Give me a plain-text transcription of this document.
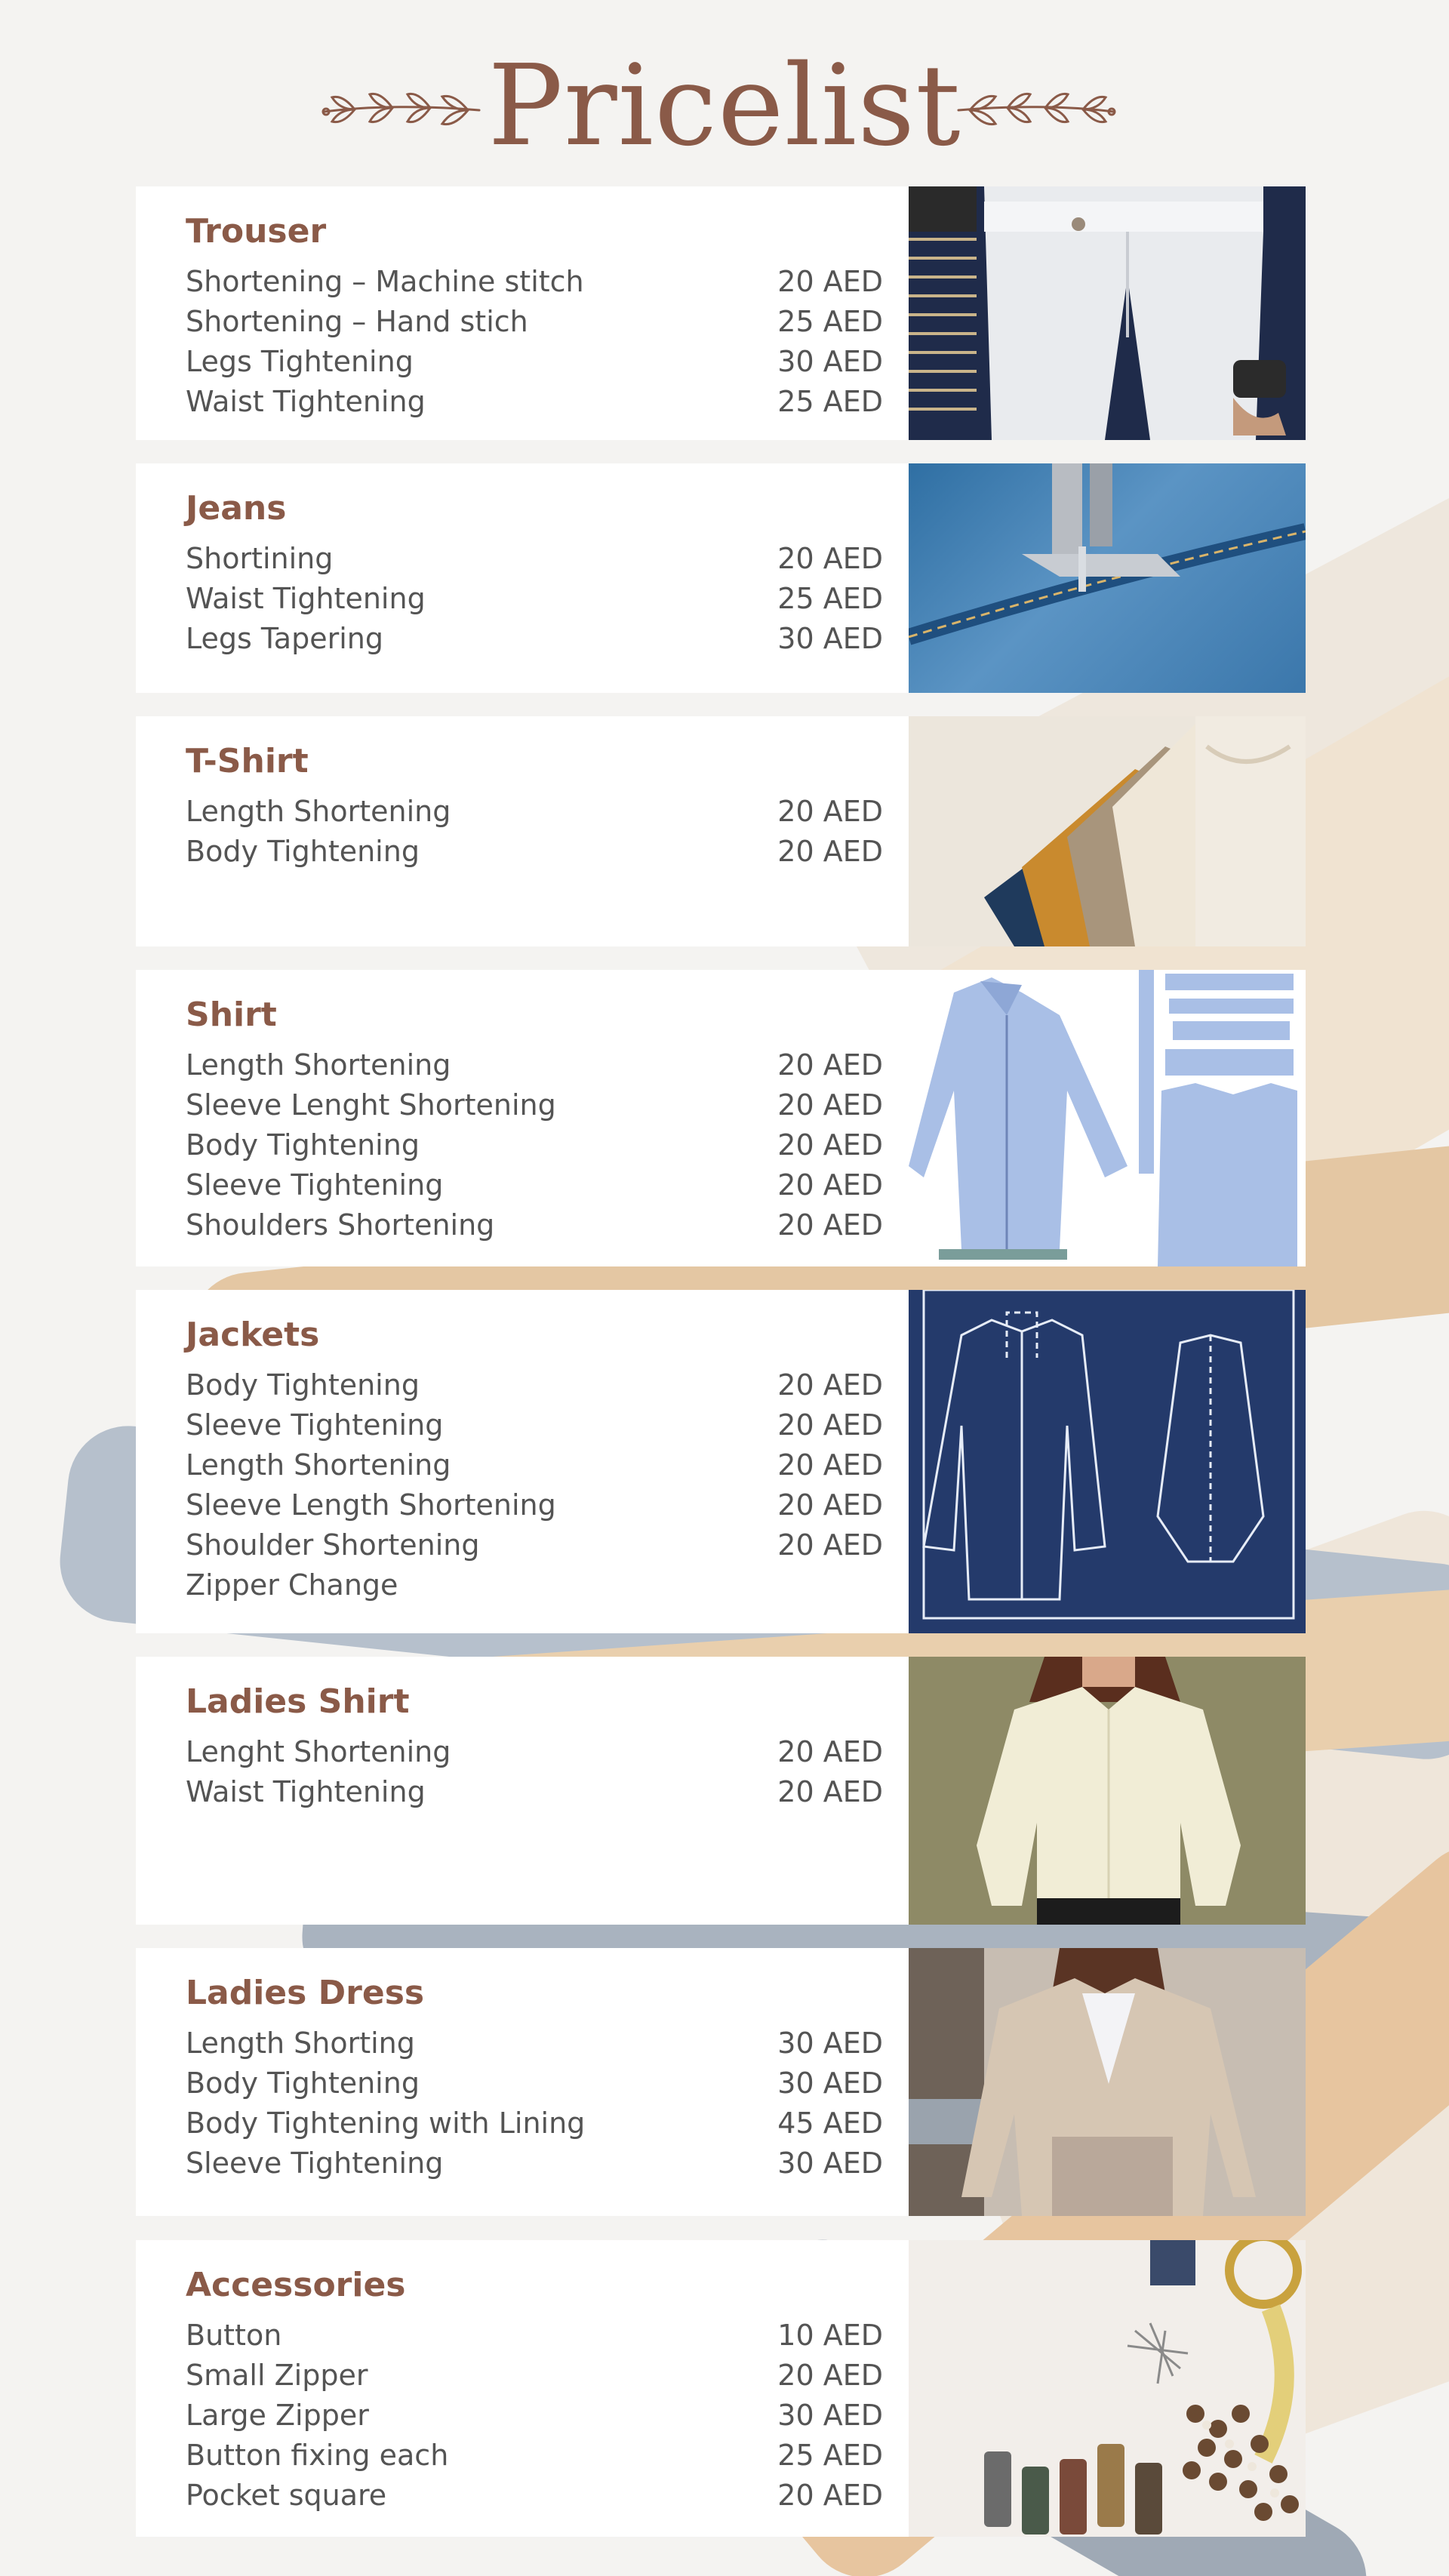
Pricelist
Trouser
Shortening – Machine stitch	20 AED
Shortening – Hand stich	25 AED
Legs Tightening	30 AED
Waist Tightening	25 AED
Jeans
Shortining	20 AED
Waist Tightening	25 AED
Legs Tapering	30 AED
T-Shirt
Length Shortening	20 AED
Body Tightening	20 AED
Shirt
Length Shortening	20 AED
Sleeve Lenght Shortening	20 AED
Body Tightening	20 AED
Sleeve Tightening	20 AED
Shoulders Shortening	20 AED
Jackets
Body Tightening	20 AED
Sleeve Tightening	20 AED
Length Shortening	20 AED
Sleeve Length Shortening	20 AED
Shoulder Shortening	20 AED
Zipper Change
Ladies Shirt
Lenght Shortening	20 AED
Waist Tightening	20 AED
Ladies Dress
Length Shorting	30 AED
Body Tightening	30 AED
Body Tightening with Lining	45 AED
Sleeve Tightening	30 AED
Accessories
Button	10 AED
Small Zipper	20 AED
Large Zipper	30 AED
Button fixing each	25 AED
Pocket square	20 AED
